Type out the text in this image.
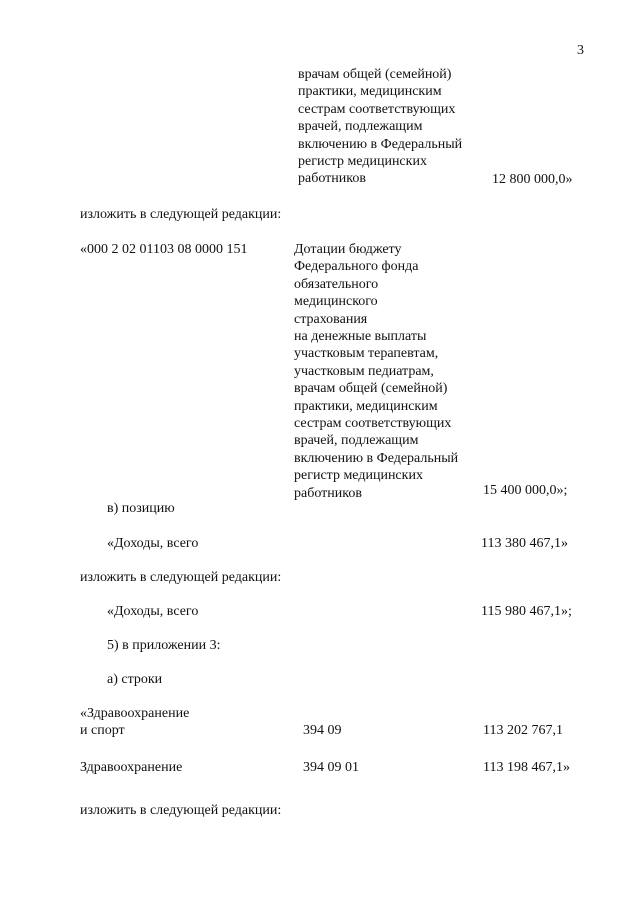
3
врачам общей (семейной)
практики, медицинским
сестрам соответствующих
врачей, подлежащим
включению в Федеральный
регистр медицинских
работников	12 800 000,0»
изложить в следующей редакции:
«000 2 02 01103 08 0000 151	Дотации бюджету
Федерального фонда
обязательного
медицинского
страхования
на денежные выплаты
участковым терапевтам,
участковым педиатрам,
врачам общей (семейной)
практики, медицинским
сестрам соответствующих
врачей, подлежащим
включению в Федеральный
регистр медицинских
работников	15 400 000,0»;
в) позицию
«Доходы, всего	113 380 467,1»
изложить в следующей редакции:
«Доходы, всего	115 980 467,1»;
5) в приложении 3:
а) строки
«Здравоохранение
и спорт	394 09	113 202 767,1
Здравоохранение	394 09 01	113 198 467,1»
изложить в следующей редакции:
